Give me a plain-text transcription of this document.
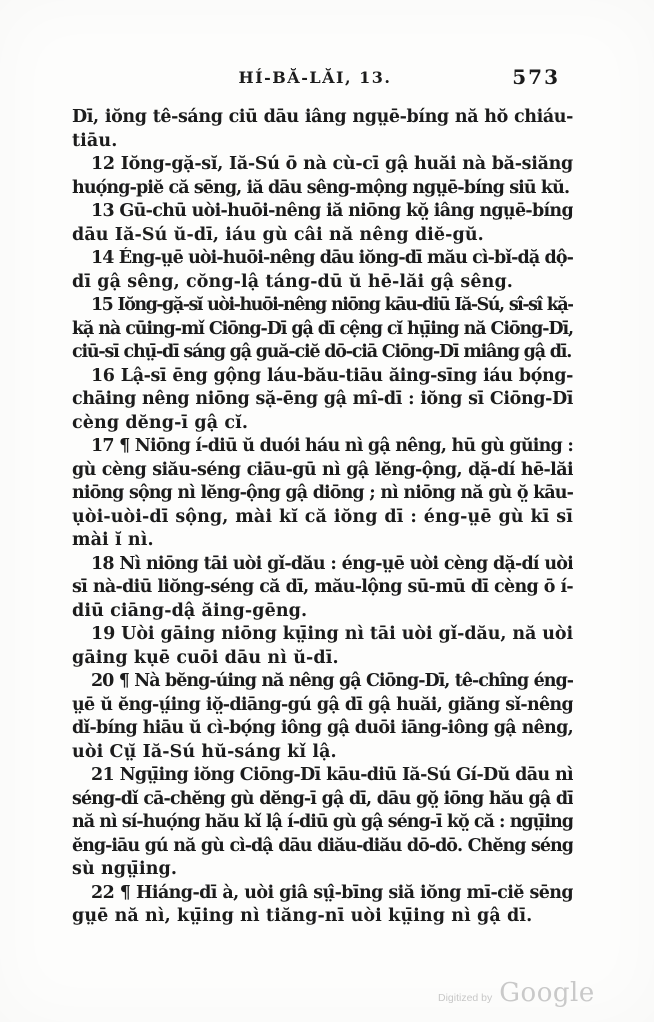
HÍ-BĂ-LĂI, 13.	573

Dī, iŏng tê-sáng ciū dāu iâng ngṳē-bíng nă hŏ chiáu-
tiāu.

12 Iŏng-gặ-sĭ, Iă-Sú ō nà cù-cī gậ huăi nà bă-siăng
huọ́ng-piĕ că sēng, iă dāu sêng-mộng ngṳē-bíng siū kŭ.

13 Gū-chū uòi-huōi-nêng iă niōng kŏ̤ iâng ngṳē-bíng
dāu Iă-Sú ŭ-dī, iáu gù câi nă nêng diĕ-gŭ.

14 Éng-ṳē uòi-huōi-nêng dāu iŏng-dī mău cì-bǐ-dặ dộ-
dī gậ sêng, cŏng-lậ táng-dū ŭ hē-lăi gậ sêng.

15 Iŏng-gặ-sĭ uòi-huōi-nêng niōng kāu-diū Iă-Sú, sî-sî kặ-
kặ nà cūing-mǐ Ciōng-Dī gậ dī cệng cĭ hṳ̄ing nă Ciōng-Dī,
ciū-sī chṳ̄-dī sáng gậ guă-ciĕ dō-ciā Ciōng-Dī miâng gậ dī.

16 Lậ-sī ēng gộng láu-bău-tiāu ăing-sīng iáu bọ́ng-
chāing nêng niōng sặ-ēng gậ mî-dī : iŏng sī Ciōng-Dī
cèng dĕng-ī gậ cĭ.

17 ¶ Niōng í-diū ŭ duói háu nì gậ nêng, hū gù gŭing :
gù cèng siău-séng ciāu-gū nì gậ lĕng-ộng, dặ-dí hē-lăi
niōng sộng nì lĕng-ộng gậ diōng ; nì niōng nă gù ŏ̤ kāu-
ụòi-uòi-dī sộng, mài kĭ că iŏng dī : éng-ṳē gù kī sī
mài ĭ nì.

18 Nì niōng tāi uòi gǐ-dău : éng-ṳē uòi cèng dặ-dí uòi
sī nà-diū liŏng-séng că dī, mău-lộng sū-mū dī cèng ō í-
diū ciāng-dậ ăing-gēng.

19 Uòi gāing niōng kṳ̄ing nì tāi uòi gǐ-dău, nă uòi
gāing kụē cuōi dāu nì ŭ-dī.

20 ¶ Nà bĕng-úing nă nêng gậ Ciōng-Dī, tê-chîng éng-
ṳē ŭ ĕng-ṳ́ing iŏ̤-diāng-gú gậ dī gậ huăi, giăng sǐ-nêng
dǐ-bíng hiāu ŭ cì-bọ́ng iông gậ duōi iāng-iông gậ nêng,
uòi Cṳ̆ Iă-Sú hŭ-sáng kǐ lậ.

21 Ngṳ̄ing iŏng Ciōng-Dī kāu-diū Iă-Sú Gí-Dŭ dāu nì
séng-dǐ cā-chĕng gù dĕng-ī gậ dī, dāu gŏ̤ iōng hău gậ dī
nă nì sí-huọ́ng hău kǐ lậ í-diū gù gậ séng-ī kŏ̤ că : ngṳ̄ing
ĕng-iāu gú nă gù cì-dậ dāu diău-diău dō-dō. Chĕng séng
sù ngṳ̄ing.

22 ¶ Hiáng-dī à, uòi giâ sṳ̂-bīng siă iŏng mī-ciĕ sēng
gṳē nă nì, kṳ̄ing nì tiăng-nī uòi kṳ̄ing nì gậ dī.

Digitized by Google
